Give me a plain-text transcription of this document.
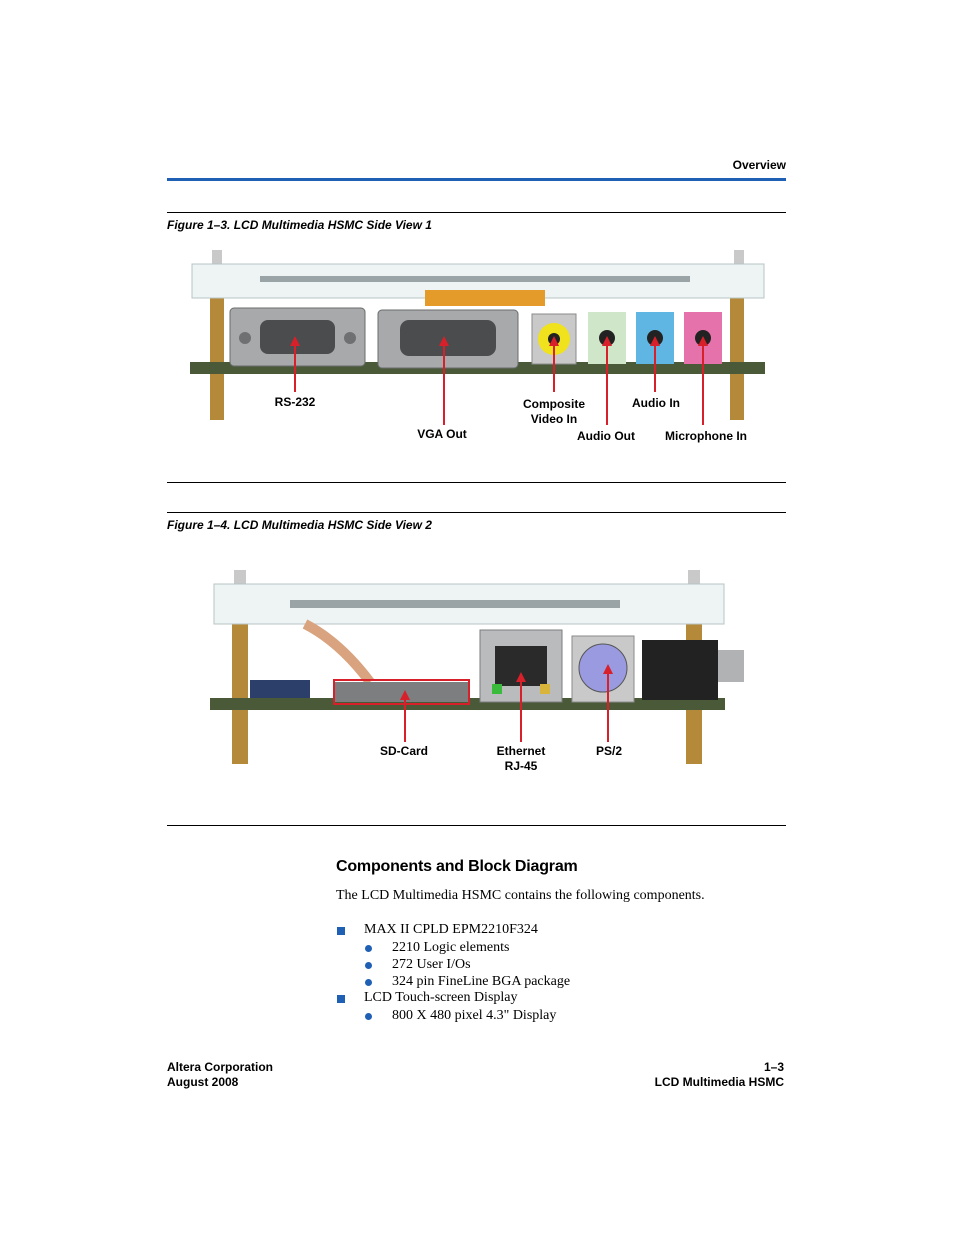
Overview
Figure 1–3. LCD Multimedia HSMC Side View 1
RS-232
VGA Out
Composite
Video In
Audio Out
Audio In
Microphone In
Figure 1–4. LCD Multimedia HSMC Side View 2
SD-Card	Ethernet
RJ-45
PS/2
Components and Block Diagram
The LCD Multimedia HSMC contains the following components.
MAX II CPLD EPM2210F324
2210 Logic elements
272 User I/Os
324 pin FineLine BGA package
LCD Touch-screen Display
800 X 480 pixel 4.3" Display
Altera Corporation
August 2008
1–3
LCD Multimedia HSMC
